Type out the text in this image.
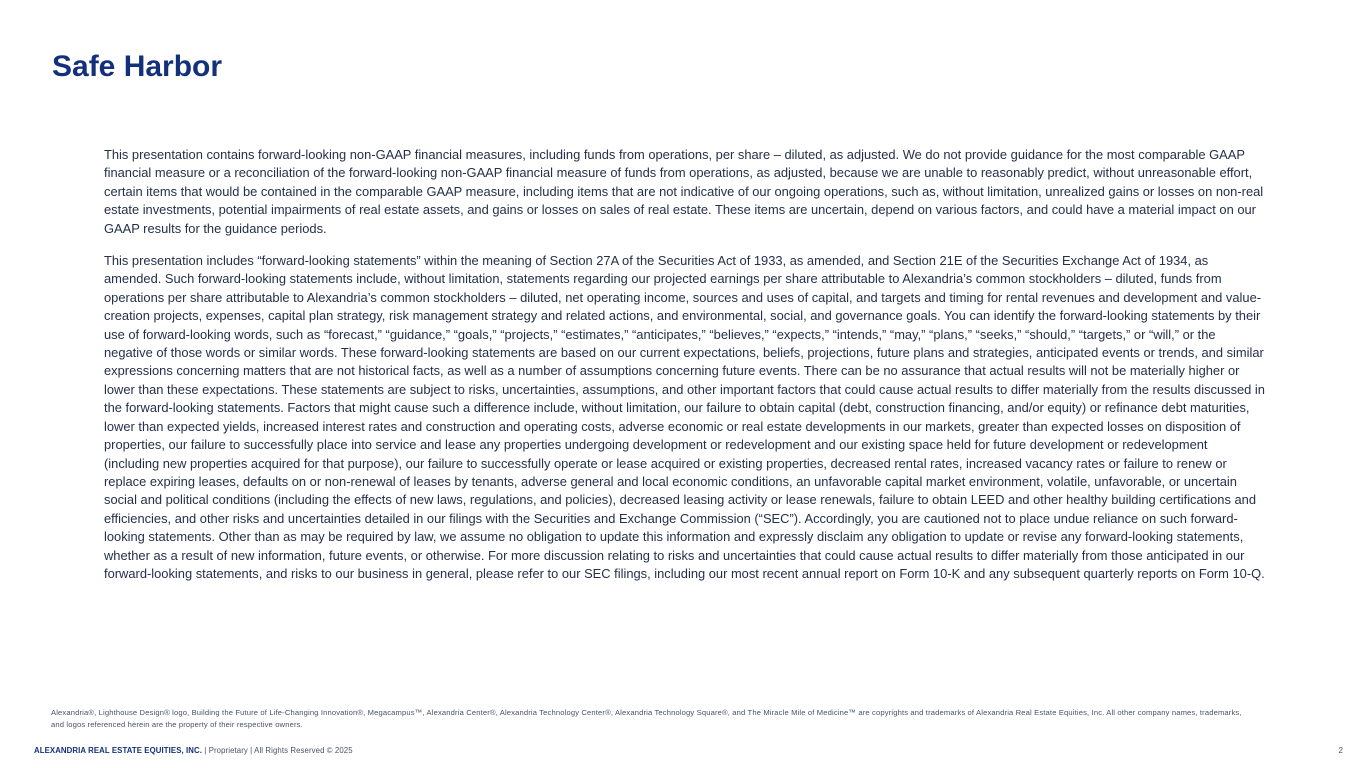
Safe Harbor

This presentation contains forward-looking non-GAAP financial measures, including funds from operations, per share – diluted, as adjusted. We do not provide guidance for the most comparable GAAP financial measure or a reconciliation of the forward-looking non-GAAP financial measure of funds from operations, as adjusted, because we are unable to reasonably predict, without unreasonable effort, certain items that would be contained in the comparable GAAP measure, including items that are not indicative of our ongoing operations, such as, without limitation, unrealized gains or losses on non-real estate investments, potential impairments of real estate assets, and gains or losses on sales of real estate. These items are uncertain, depend on various factors, and could have a material impact on our GAAP results for the guidance periods.

This presentation includes “forward-looking statements” within the meaning of Section 27A of the Securities Act of 1933, as amended, and Section 21E of the Securities Exchange Act of 1934, as amended. Such forward-looking statements include, without limitation, statements regarding our projected earnings per share attributable to Alexandria’s common stockholders – diluted, funds from operations per share attributable to Alexandria’s common stockholders – diluted, net operating income, sources and uses of capital, and targets and timing for rental revenues and development and value-creation projects, expenses, capital plan strategy, risk management strategy and related actions, and environmental, social, and governance goals. You can identify the forward-looking statements by their use of forward-looking words, such as “forecast,” “guidance,” “goals,” “projects,” “estimates,” “anticipates,” “believes,” “expects,” “intends,” “may,” “plans,” “seeks,” “should,” “targets,” or “will,” or the negative of those words or similar words. These forward-looking statements are based on our current expectations, beliefs, projections, future plans and strategies, anticipated events or trends, and similar expressions concerning matters that are not historical facts, as well as a number of assumptions concerning future events. There can be no assurance that actual results will not be materially higher or lower than these expectations. These statements are subject to risks, uncertainties, assumptions, and other important factors that could cause actual results to differ materially from the results discussed in the forward-looking statements. Factors that might cause such a difference include, without limitation, our failure to obtain capital (debt, construction financing, and/or equity) or refinance debt maturities, lower than expected yields, increased interest rates and construction and operating costs, adverse economic or real estate developments in our markets, greater than expected losses on disposition of properties, our failure to successfully place into service and lease any properties undergoing development or redevelopment and our existing space held for future development or redevelopment (including new properties acquired for that purpose), our failure to successfully operate or lease acquired or existing properties, decreased rental rates, increased vacancy rates or failure to renew or replace expiring leases, defaults on or non-renewal of leases by tenants, adverse general and local economic conditions, an unfavorable capital market environment, volatile, unfavorable, or uncertain social and political conditions (including the effects of new laws, regulations, and policies), decreased leasing activity or lease renewals, failure to obtain LEED and other healthy building certifications and efficiencies, and other risks and uncertainties detailed in our filings with the Securities and Exchange Commission (“SEC”). Accordingly, you are cautioned not to place undue reliance on such forward-looking statements. Other than as may be required by law, we assume no obligation to update this information and expressly disclaim any obligation to update or revise any forward-looking statements, whether as a result of new information, future events, or otherwise. For more discussion relating to risks and uncertainties that could cause actual results to differ materially from those anticipated in our forward-looking statements, and risks to our business in general, please refer to our SEC filings, including our most recent annual report on Form 10-K and any subsequent quarterly reports on Form 10-Q.

Alexandria®, Lighthouse Design® logo, Building the Future of Life-Changing Innovation®, Megacampus™, Alexandria Center®, Alexandria Technology Center®, Alexandria Technology Square®, and The Miracle Mile of Medicine™ are copyrights and trademarks of Alexandria Real Estate Equities, Inc. All other company names, trademarks, and logos referenced herein are the property of their respective owners.
ALEXANDRIA REAL ESTATE EQUITIES, INC. | Proprietary | All Rights Reserved © 2025	2
